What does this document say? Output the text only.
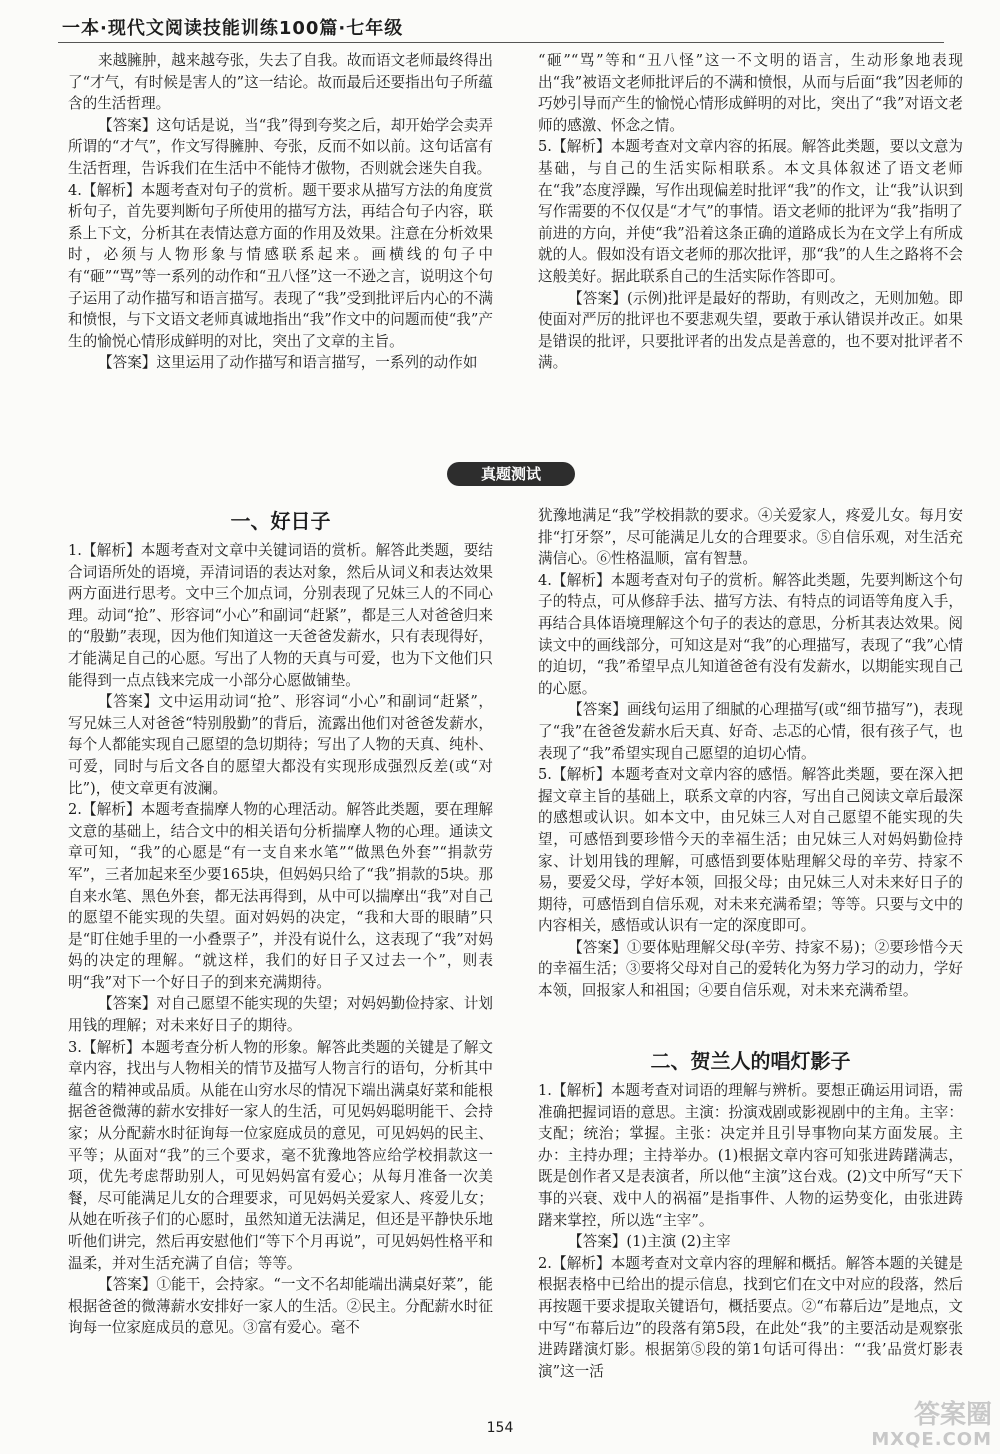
一本·现代文阅读技能训练100篇·七年级

来越臃肿，越来越夸张，失去了自我。故而语文老师最终得出了“才气，有时候是害人的”这一结论。故而最后还要指出句子所蕴含的生活哲理。

【答案】这句话是说，当“我”得到夸奖之后，却开始学会卖弄所谓的“才气”，作文写得臃肿、夸张，反而不如以前。这句话富有生活哲理，告诉我们在生活中不能恃才傲物，否则就会迷失自我。

4.【解析】本题考查对句子的赏析。题干要求从描写方法的角度赏析句子，首先要判断句子所使用的描写方法，再结合句子内容，联系上下文，分析其在表情达意方面的作用及效果。注意在分析效果时，必须与人物形象与情感联系起来。画横线的句子中有“砸”“骂”等一系列的动作和“丑八怪”这一不逊之言，说明这个句子运用了动作描写和语言描写。表现了“我”受到批评后内心的不满和愤恨，与下文语文老师真诚地指出“我”作文中的问题而使“我”产生的愉悦心情形成鲜明的对比，突出了文章的主旨。

【答案】这里运用了动作描写和语言描写，一系列的动作如

“砸”“骂”等和“丑八怪”这一不文明的语言，生动形象地表现出“我”被语文老师批评后的不满和愤恨，从而与后面“我”因老师的巧妙引导而产生的愉悦心情形成鲜明的对比，突出了“我”对语文老师的感激、怀念之情。

5.【解析】本题考查对文章内容的拓展。解答此类题，要以文意为基础，与自己的生活实际相联系。本文具体叙述了语文老师在“我”态度浮躁，写作出现偏差时批评“我”的作文，让“我”认识到写作需要的不仅仅是“才气”的事情。语文老师的批评为“我”指明了前进的方向，并使“我”沿着这条正确的道路成长为在文学上有所成就的人。假如没有语文老师的那次批评，那“我”的人生之路将不会这般美好。据此联系自己的生活实际作答即可。

【答案】(示例)批评是最好的帮助，有则改之，无则加勉。即使面对严厉的批评也不要悲观失望，要敢于承认错误并改正。如果是错误的批评，只要批评者的出发点是善意的，也不要对批评者不满。

真题测试
一、好日子

1.【解析】本题考查对文章中关键词语的赏析。解答此类题，要结合词语所处的语境，弄清词语的表达对象，然后从词义和表达效果两方面进行思考。文中三个加点词，分别表现了兄妹三人的不同心理。动词“抢”、形容词“小心”和副词“赶紧”，都是三人对爸爸归来的“殷勤”表现，因为他们知道这一天爸爸发薪水，只有表现得好，才能满足自己的心愿。写出了人物的天真与可爱，也为下文他们只能得到一点点钱来完成一小部分心愿做铺垫。

【答案】文中运用动词“抢”、形容词“小心”和副词“赶紧”，写兄妹三人对爸爸“特别殷勤”的背后，流露出他们对爸爸发薪水，每个人都能实现自己愿望的急切期待；写出了人物的天真、纯朴、可爱，同时与后文各自的愿望大都没有实现形成强烈反差(或“对比”)，使文章更有波澜。

2.【解析】本题考查揣摩人物的心理活动。解答此类题，要在理解文意的基础上，结合文中的相关语句分析揣摩人物的心理。通读文章可知，“我”的心愿是“有一支自来水笔”“做黑色外套”“捐款劳军”，三者加起来至少要165块，但妈妈只给了“我”捐款的5块。那自来水笔、黑色外套，都无法再得到，从中可以揣摩出“我”对自己的愿望不能实现的失望。面对妈妈的决定，“我和大哥的眼睛”只是“盯住她手里的一小叠票子”，并没有说什么，这表现了“我”对妈妈的决定的理解。“就这样，我们的好日子又过去一个”，则表明“我”对下一个好日子的到来充满期待。

【答案】对自己愿望不能实现的失望；对妈妈勤俭持家、计划用钱的理解；对未来好日子的期待。

3.【解析】本题考查分析人物的形象。解答此类题的关键是了解文章内容，找出与人物相关的情节及描写人物言行的语句，分析其中蕴含的精神或品质。从能在山穷水尽的情况下端出满桌好菜和能根据爸爸微薄的薪水安排好一家人的生活，可见妈妈聪明能干、会持家；从分配薪水时征询每一位家庭成员的意见，可见妈妈的民主、平等；从面对“我”的三个要求，毫不犹豫地答应给学校捐款这一项，优先考虑帮助别人，可见妈妈富有爱心；从每月准备一次美餐，尽可能满足儿女的合理要求，可见妈妈关爱家人、疼爱儿女；从她在听孩子们的心愿时，虽然知道无法满足，但还是平静快乐地听他们讲完，然后再安慰他们“等下个月再说”，可见妈妈性格平和温柔，并对生活充满了自信；等等。

【答案】①能干，会持家。“一文不名却能端出满桌好菜”，能根据爸爸的微薄薪水安排好一家人的生活。②民主。分配薪水时征询每一位家庭成员的意见。③富有爱心。毫不

犹豫地满足“我”学校捐款的要求。④关爱家人，疼爱儿女。每月安排“打牙祭”，尽可能满足儿女的合理要求。⑤自信乐观，对生活充满信心。⑥性格温顺，富有智慧。

4.【解析】本题考查对句子的赏析。解答此类题，先要判断这个句子的特点，可从修辞手法、描写方法、有特点的词语等角度入手，再结合具体语境理解这个句子的表达的意思，分析其表达效果。阅读文中的画线部分，可知这是对“我”的心理描写，表现了“我”心情的迫切，“我”希望早点儿知道爸爸有没有发薪水，以期能实现自己的心愿。

【答案】画线句运用了细腻的心理描写(或“细节描写”)，表现了“我”在爸爸发薪水后天真、好奇、忐忑的心情，很有孩子气，也表现了“我”希望实现自己愿望的迫切心情。

5.【解析】本题考查对文章内容的感悟。解答此类题，要在深入把握文章主旨的基础上，联系文章的内容，写出自己阅读文章后最深的感想或认识。如本文中，由兄妹三人对自己愿望不能实现的失望，可感悟到要珍惜今天的幸福生活；由兄妹三人对妈妈勤俭持家、计划用钱的理解，可感悟到要体贴理解父母的辛劳、持家不易，要爱父母，学好本领，回报父母；由兄妹三人对未来好日子的期待，可感悟到自信乐观，对未来充满希望；等等。只要与文中的内容相关，感悟或认识有一定的深度即可。

【答案】①要体贴理解父母(辛劳、持家不易)；②要珍惜今天的幸福生活；③要将父母对自己的爱转化为努力学习的动力，学好本领，回报家人和祖国；④要自信乐观，对未来充满希望。

二、贺兰人的唱灯影子

1.【解析】本题考查对词语的理解与辨析。要想正确运用词语，需准确把握词语的意思。主演：扮演戏剧或影视剧中的主角。主宰：支配；统治；掌握。主张：决定并且引导事物向某方面发展。主办：主持办理；主持举办。(1)根据文章内容可知张进踌躇满志，既是创作者又是表演者，所以他“主演”这台戏。(2)文中所写“天下事的兴衰、戏中人的祸福”是指事件、人物的运势变化，由张进踌躇来掌控，所以选“主宰”。

【答案】(1)主演 (2)主宰

2.【解析】本题考查对文章内容的理解和概括。解答本题的关键是根据表格中已给出的提示信息，找到它们在文中对应的段落，然后再按题干要求提取关键语句，概括要点。②“布幕后边”是地点，文中写“布幕后边”的段落有第5段，在此处“我”的主要活动是观察张进踌躇演灯影。根据第⑤段的第1句话可得出：“‘我’品赏灯影表演”这一活

154	答案圈
MXQE.COM
